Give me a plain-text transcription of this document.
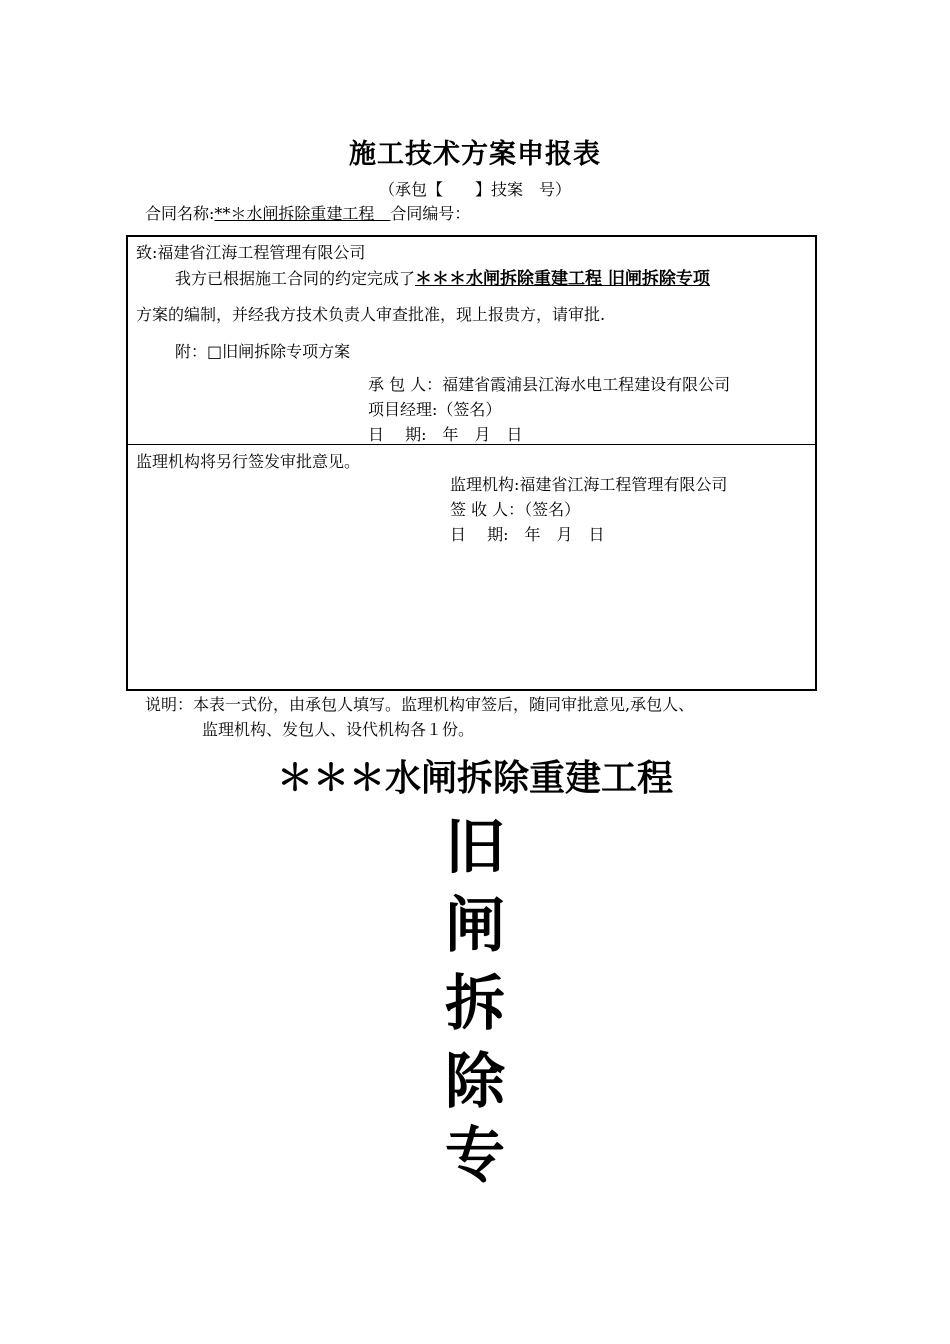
施工技术方案申报表
（承包【　　】技案　号）
合同名称:**＊水闸拆除重建工程　合同编号：
致:福建省江海工程管理有限公司
我方已根据施工合同的约定完成了＊＊＊水闸拆除重建工程 旧闸拆除专项
方案的编制，并经我方技术负责人审查批准，现上报贵方，请审批.
附：□旧闸拆除专项方案
承 包 人：福建省霞浦县江海水电工程建设有限公司
项目经理:（签名）
日　 期:　年　月　日
监理机构将另行签发审批意见。
监理机构:福建省江海工程管理有限公司
签 收 人：（签名）
日　 期:　年　月　日
说明：本表一式份，由承包人填写。监理机构审签后，随同审批意见,承包人、
监理机构、发包人、设代机构各１份。
＊＊＊水闸拆除重建工程
旧
闸
拆
除
专
